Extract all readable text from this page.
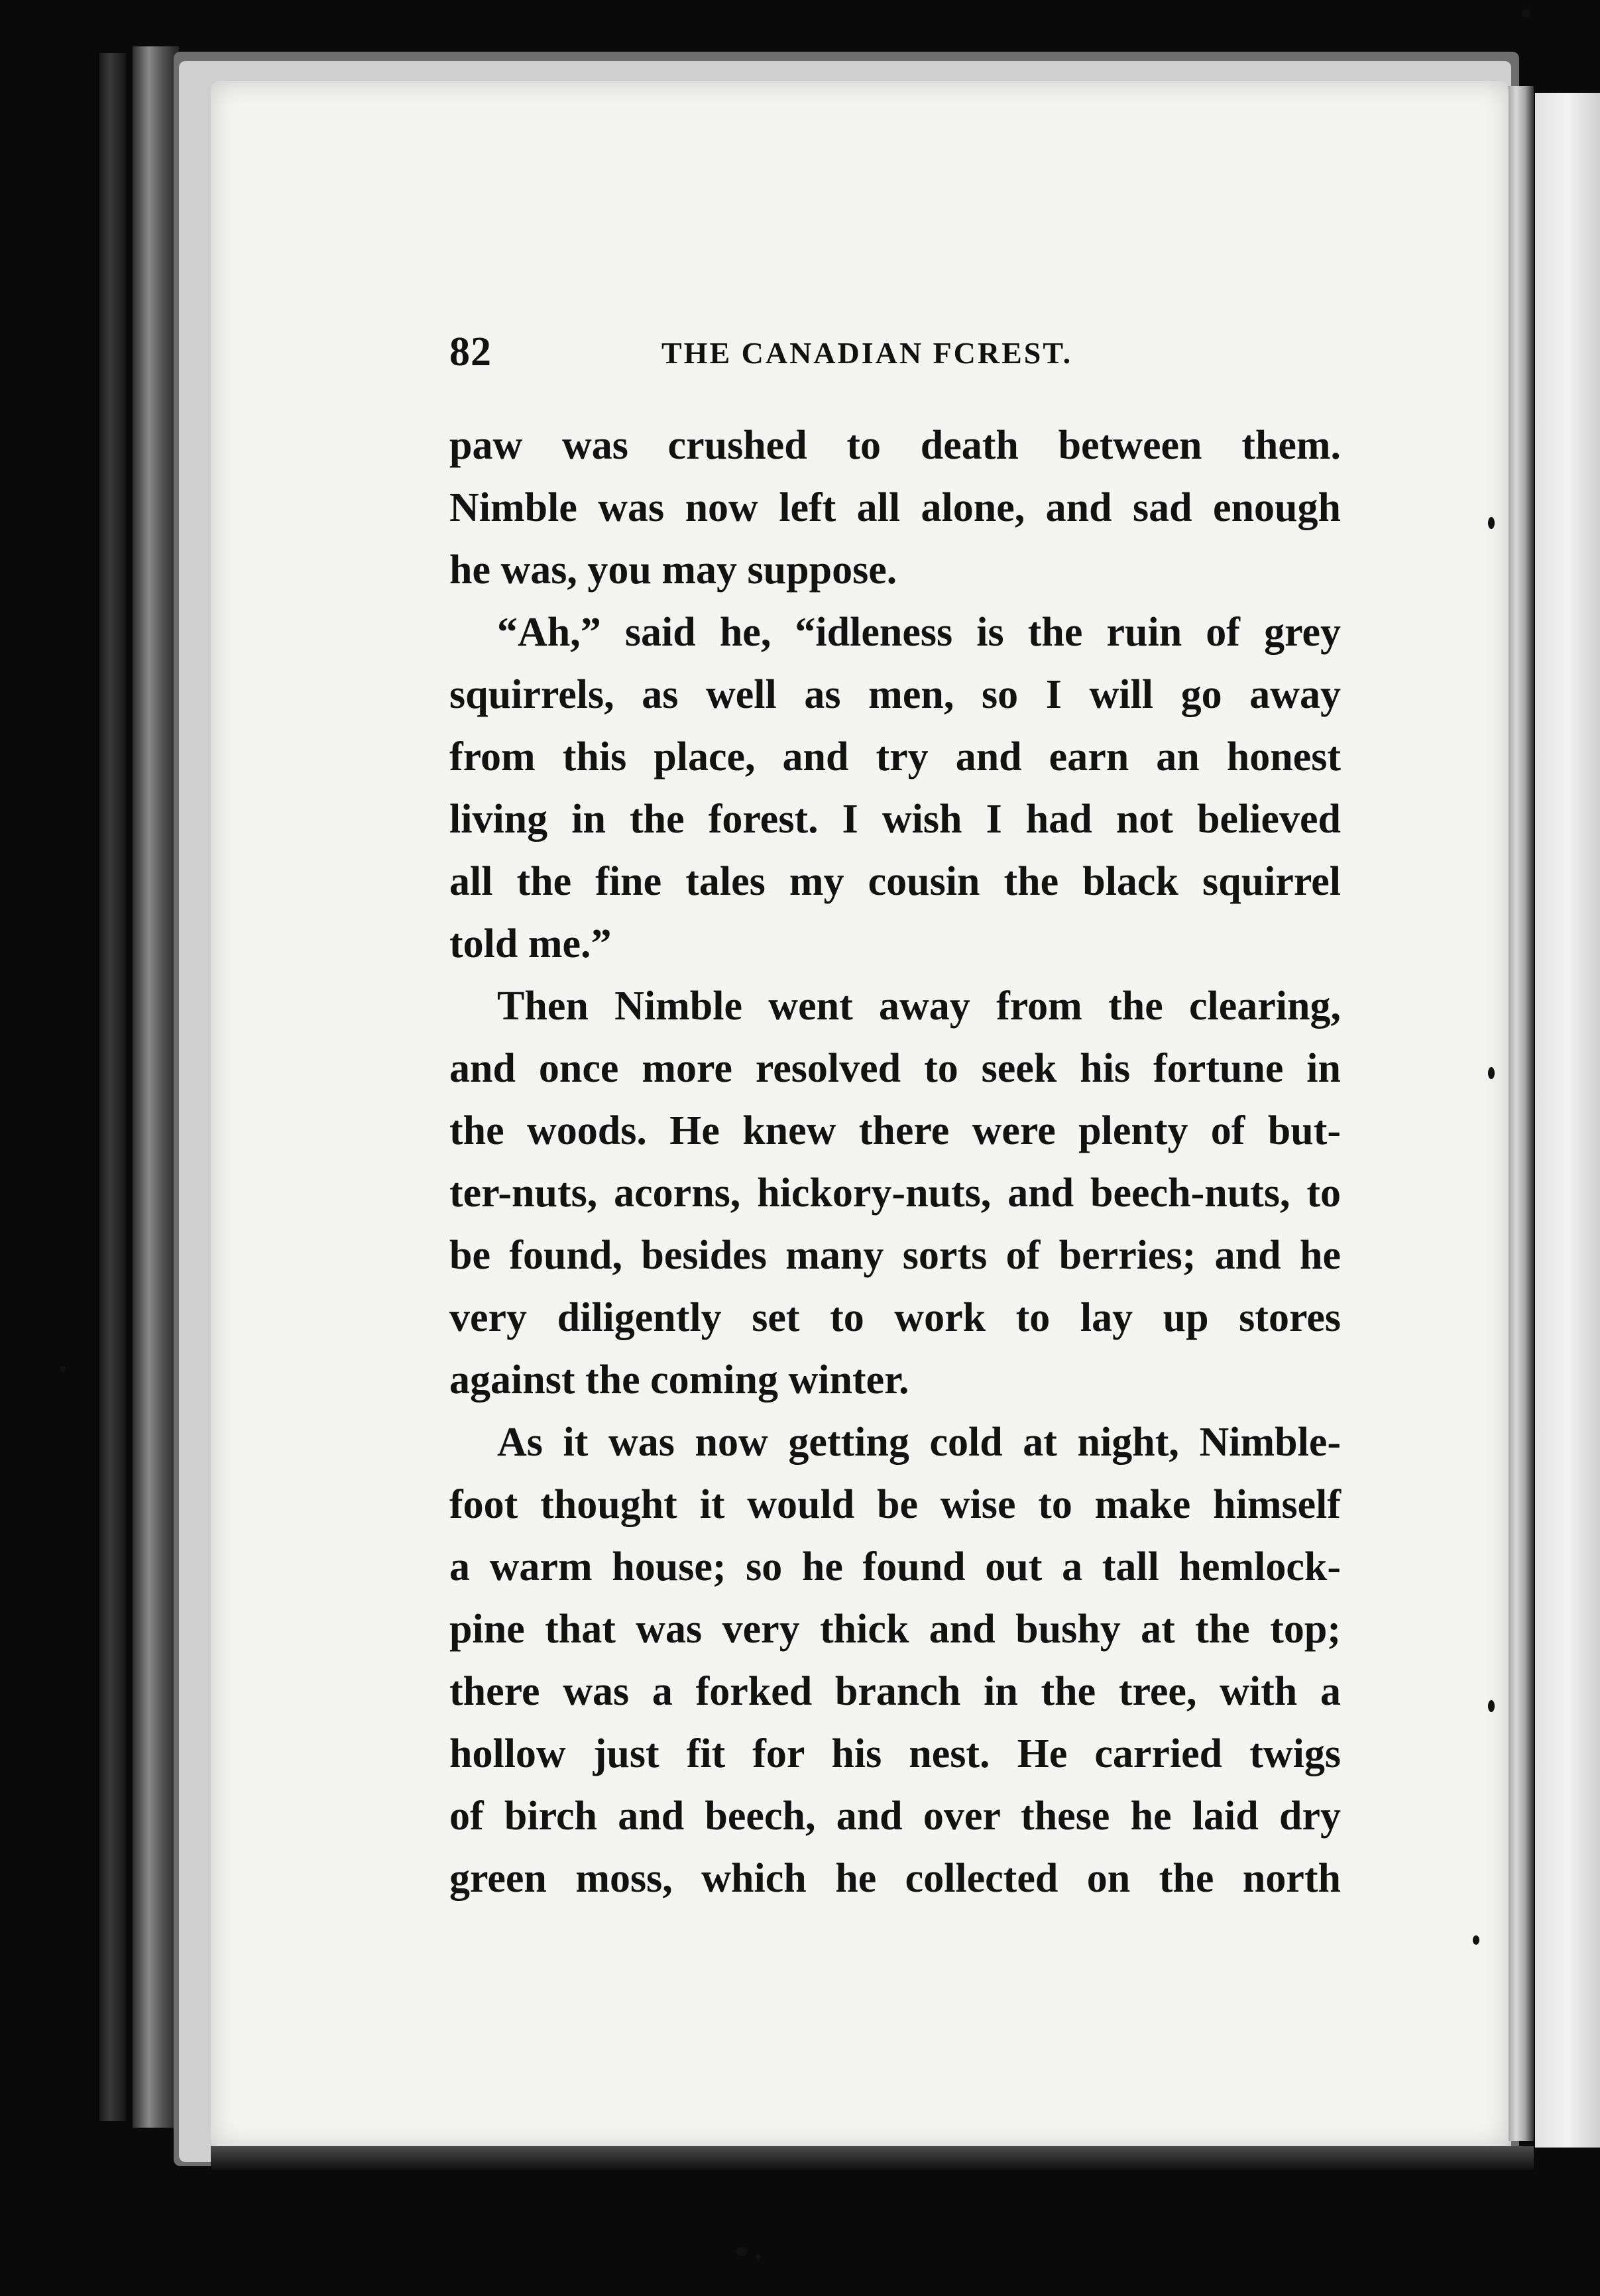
82	THE CANADIAN FCREST.
paw was crushed to death between them.
Nimble was now left all alone, and sad enough
he was, you may suppose.
“Ah,” said he, “idleness is the ruin of grey
squirrels, as well as men, so I will go away
from this place, and try and earn an honest
living in the forest. I wish I had not believed
all the fine tales my cousin the black squirrel
told me.”
Then Nimble went away from the clearing,
and once more resolved to seek his fortune in
the woods. He knew there were plenty of but-
ter-nuts, acorns, hickory-nuts, and beech-nuts, to
be found, besides many sorts of berries; and he
very diligently set to work to lay up stores
against the coming winter.
As it was now getting cold at night, Nimble-
foot thought it would be wise to make himself
a warm house; so he found out a tall hemlock-
pine that was very thick and bushy at the top;
there was a forked branch in the tree, with a
hollow just fit for his nest. He carried twigs
of birch and beech, and over these he laid dry
green moss, which he collected on the north
